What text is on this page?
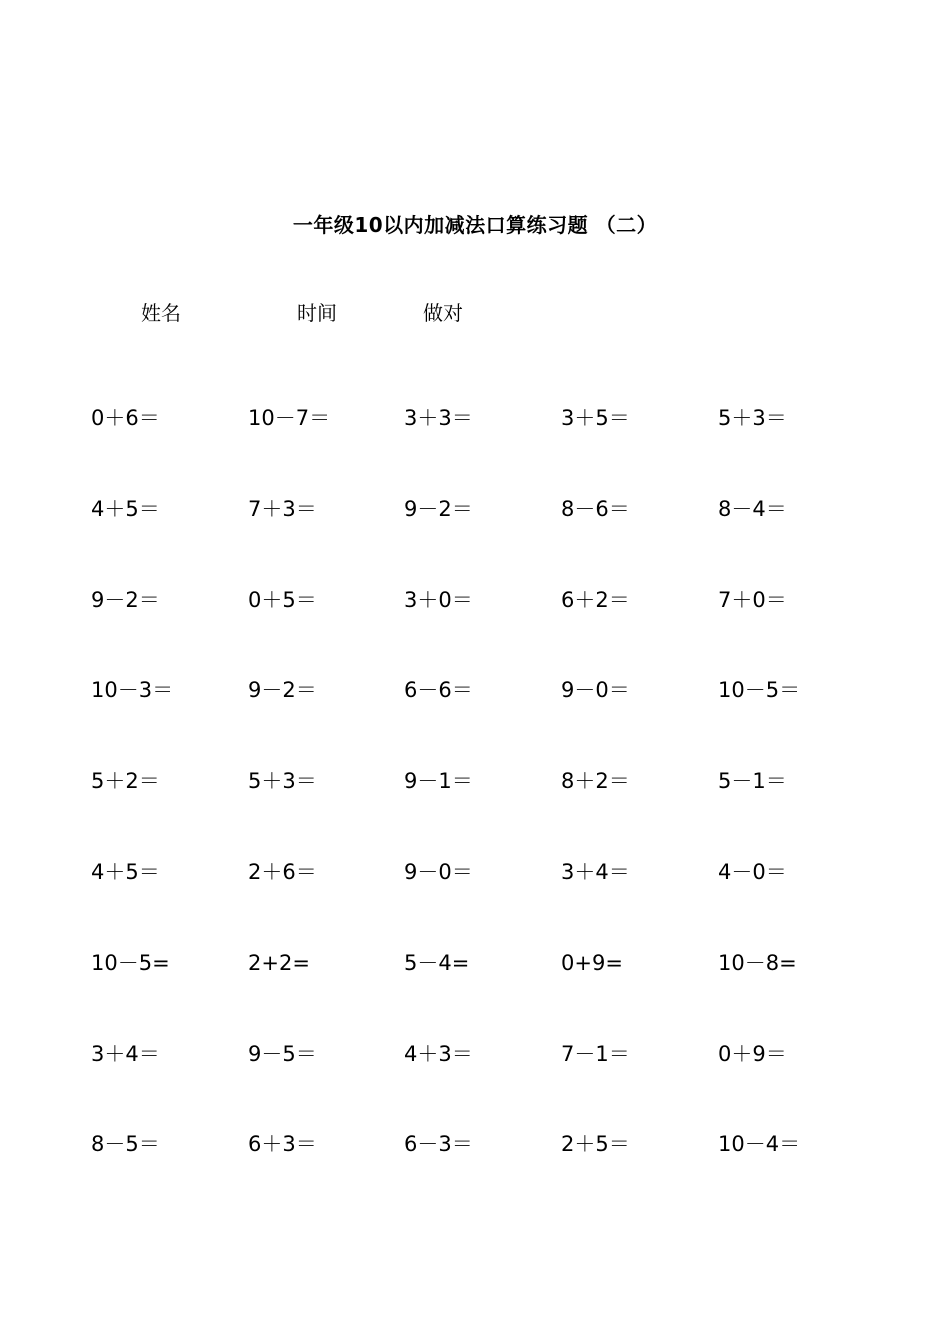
一年级10以内加减法口算练习题 （二）
姓名	时间	做对
0＋6＝	10－7＝	3＋3＝	3＋5＝	5＋3＝
4＋5＝	7＋3＝	9－2＝	8－6＝	8－4＝
9－2＝	0＋5＝	3＋0＝	6＋2＝	7＋0＝
10－3＝	9－2＝	6－6＝	9－0＝	10－5＝
5＋2＝	5＋3＝	9－1＝	8＋2＝	5－1＝
4＋5＝	2＋6＝	9－0＝	3＋4＝	4－0＝
10－5=	2+2=	5－4=	0+9=	10－8=
3＋4＝	9－5＝	4＋3＝	7－1＝	0＋9＝
8－5＝	6＋3＝	6－3＝	2＋5＝	10－4＝
